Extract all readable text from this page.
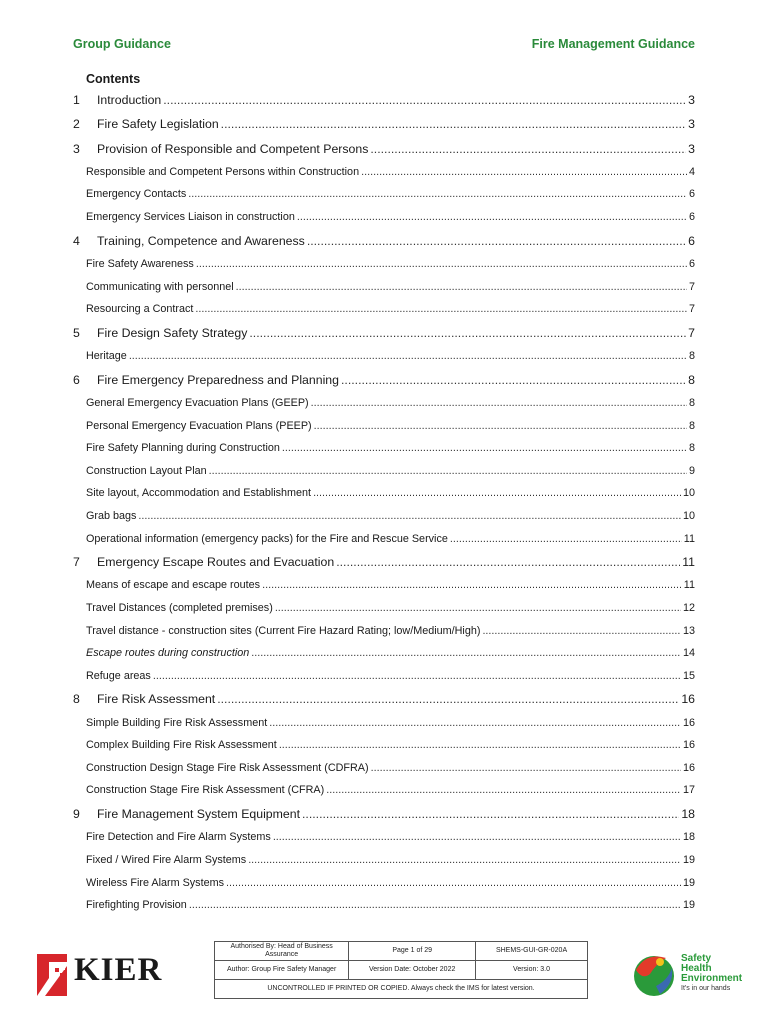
Group Guidance	Fire Management Guidance
Contents
1	Introduction .....	3
2	Fire Safety Legislation .....	3
3	Provision of Responsible and Competent Persons .....	3
Responsible and Competent Persons within Construction .....	4
Emergency Contacts .....	6
Emergency Services Liaison in construction .....	6
4	Training, Competence and Awareness .....	6
Fire Safety Awareness .....	6
Communicating with personnel .....	7
Resourcing a Contract .....	7
5	Fire Design Safety Strategy .....	7
Heritage .....	8
6	Fire Emergency Preparedness and Planning .....	8
General Emergency Evacuation Plans (GEEP) .....	8
Personal Emergency Evacuation Plans (PEEP) .....	8
Fire Safety Planning during Construction .....	8
Construction Layout Plan .....	9
Site layout, Accommodation and Establishment .....	10
Grab bags .....	10
Operational information (emergency packs) for the Fire and Rescue Service .....	11
7	Emergency Escape Routes and Evacuation .....	11
Means of escape and escape routes .....	11
Travel Distances (completed premises) .....	12
Travel distance - construction sites (Current Fire Hazard Rating; low/Medium/High) .....	13
Escape routes during construction .....	14
Refuge areas .....	15
8	Fire Risk Assessment .....	16
Simple Building Fire Risk Assessment .....	16
Complex Building Fire Risk Assessment .....	16
Construction Design Stage Fire Risk Assessment (CDFRA) .....	16
Construction Stage Fire Risk Assessment (CFRA) .....	17
9	Fire Management System Equipment .....	18
Fire Detection and Fire Alarm Systems .....	18
Fixed / Wired Fire Alarm Systems .....	19
Wireless Fire Alarm Systems .....	19
Firefighting Provision .....	19
KIER
Authorised By: Head of Business Assurance	Page 1 of 29	SHEMS-GUI-GR-020A
Author: Group Fire Safety Manager	Version Date: October 2022	Version: 3.0
UNCONTROLLED IF PRINTED OR COPIED. Always check the IMS for latest version.		
Safety
Health
Environment
It's in our hands
